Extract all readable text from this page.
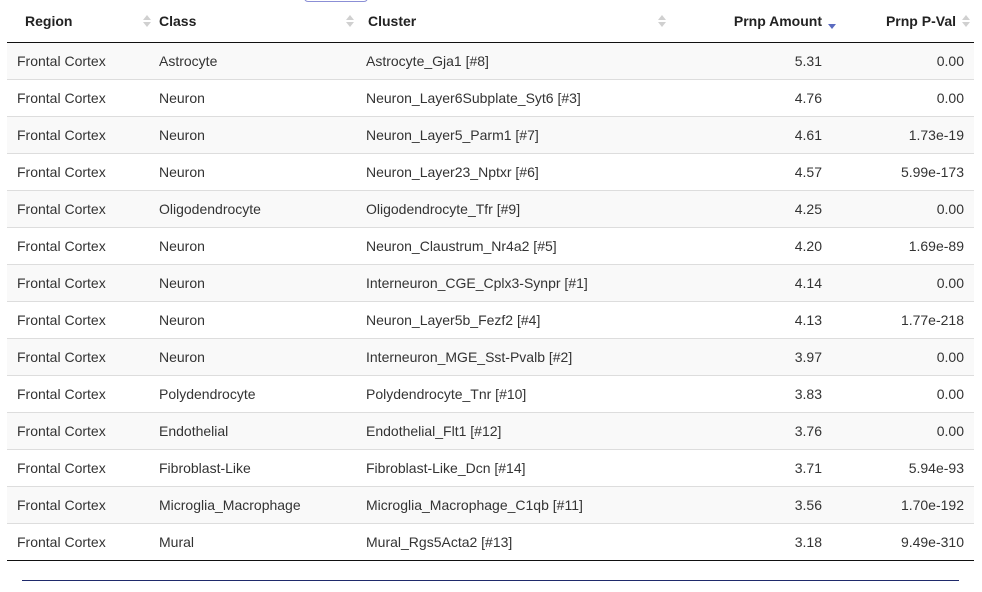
Region	Class	Cluster	Prnp Amount	Prnp P-Val

Frontal Cortex	Astrocyte	Astrocyte_Gja1 [#8]	5.31	0.00
Frontal Cortex	Neuron	Neuron_Layer6Subplate_Syt6 [#3]	4.76	0.00
Frontal Cortex	Neuron	Neuron_Layer5_Parm1 [#7]	4.61	1.73e-19
Frontal Cortex	Neuron	Neuron_Layer23_Nptxr [#6]	4.57	5.99e-173
Frontal Cortex	Oligodendrocyte	Oligodendrocyte_Tfr [#9]	4.25	0.00
Frontal Cortex	Neuron	Neuron_Claustrum_Nr4a2 [#5]	4.20	1.69e-89
Frontal Cortex	Neuron	Interneuron_CGE_Cplx3-Synpr [#1]	4.14	0.00
Frontal Cortex	Neuron	Neuron_Layer5b_Fezf2 [#4]	4.13	1.77e-218
Frontal Cortex	Neuron	Interneuron_MGE_Sst-Pvalb [#2]	3.97	0.00
Frontal Cortex	Polydendrocyte	Polydendrocyte_Tnr [#10]	3.83	0.00
Frontal Cortex	Endothelial	Endothelial_Flt1 [#12]	3.76	0.00
Frontal Cortex	Fibroblast-Like	Fibroblast-Like_Dcn [#14]	3.71	5.94e-93
Frontal Cortex	Microglia_Macrophage	Microglia_Macrophage_C1qb [#11]	3.56	1.70e-192
Frontal Cortex	Mural	Mural_Rgs5Acta2 [#13]	3.18	9.49e-310
